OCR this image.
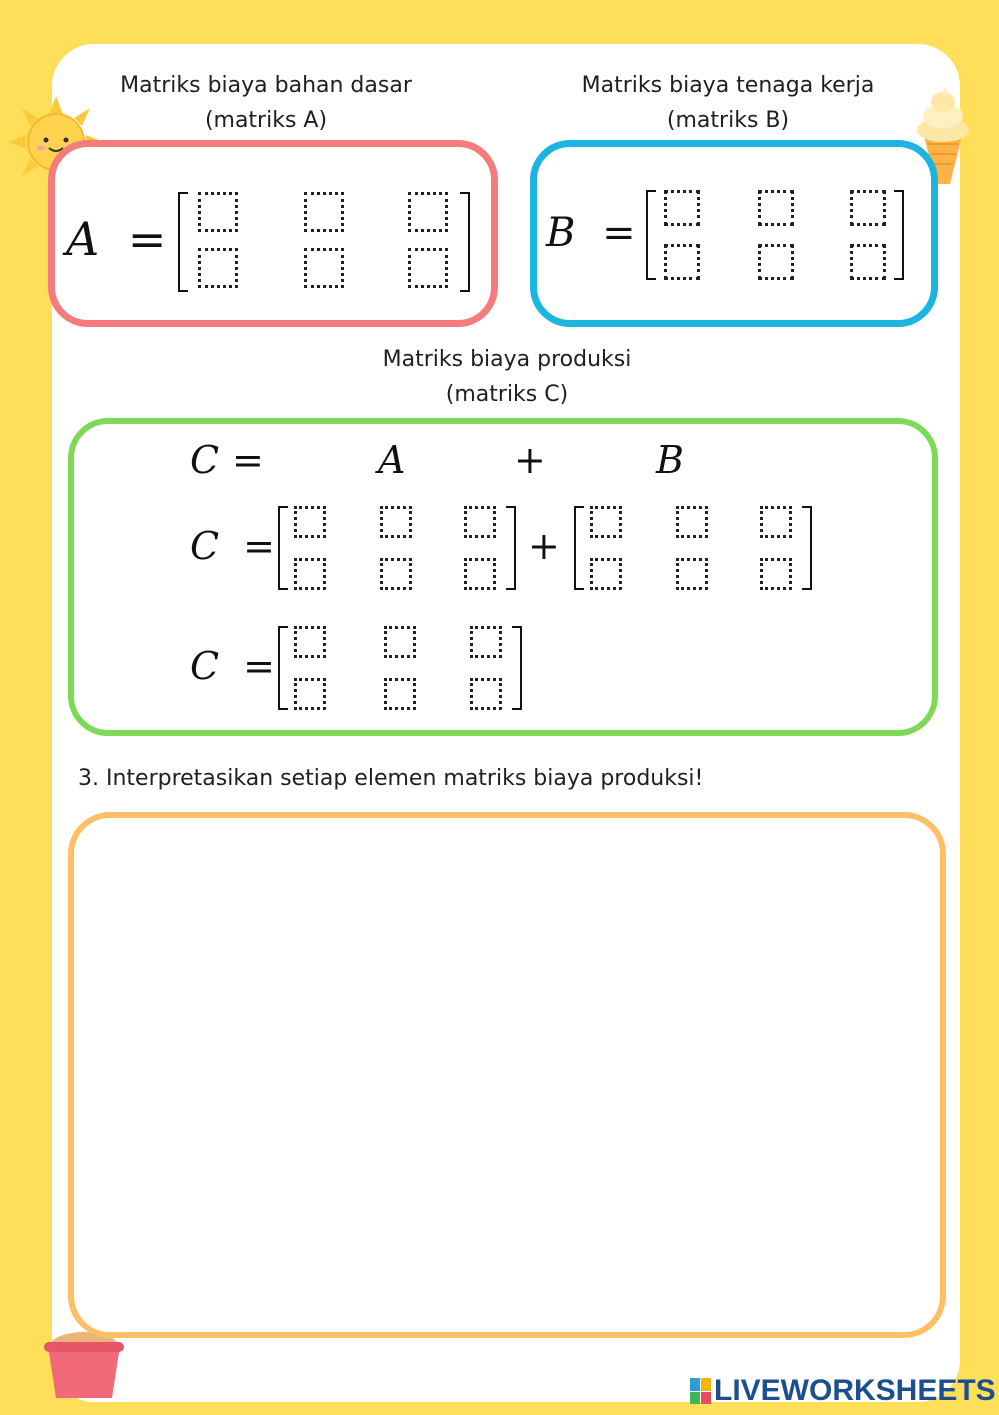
Matriks biaya bahan dasar
(matriks A)
Matriks biaya tenaga kerja
(matriks B)
Matriks biaya produksi
(matriks C)
A =	B =
C =	A	+	B
C =	+
C =
3. Interpretasikan setiap elemen matriks biaya produksi!
LIVEWORKSHEETS
